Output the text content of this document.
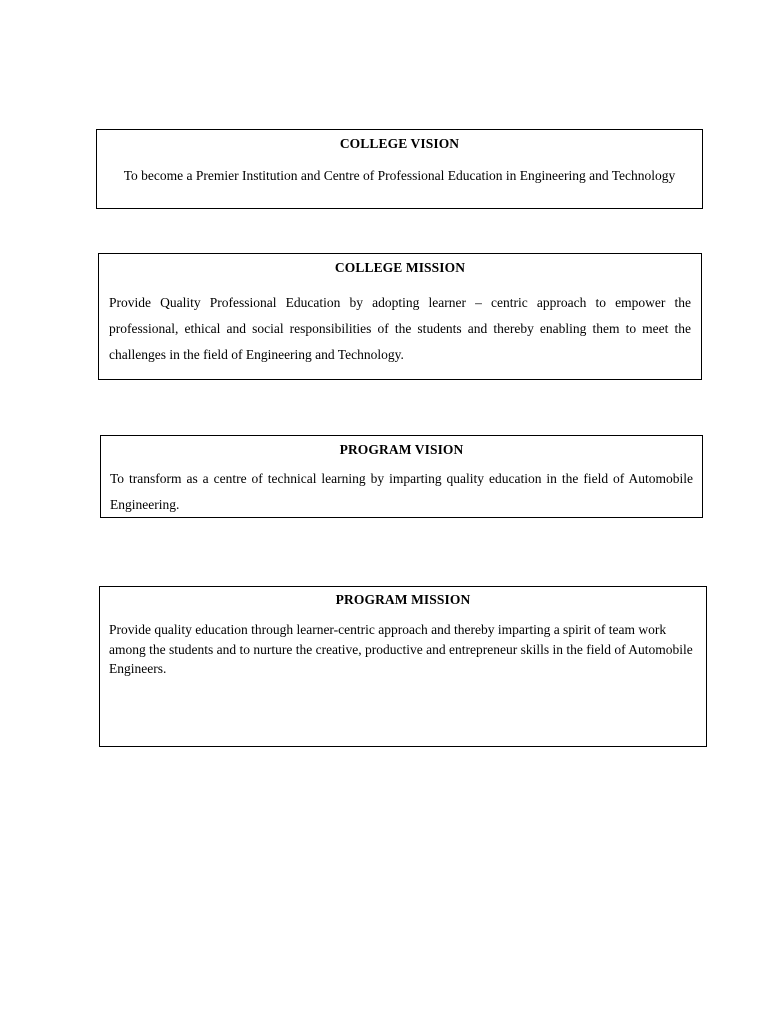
COLLEGE VISION
To become a Premier Institution and Centre of Professional Education in Engineering and Technology
COLLEGE MISSION
Provide Quality Professional Education by adopting learner – centric approach to empower the professional, ethical and social responsibilities of the students and thereby enabling them to meet the challenges in the field of Engineering and Technology.
PROGRAM VISION
To transform as a centre of technical learning by imparting quality education in the field of Automobile Engineering.
PROGRAM MISSION
Provide quality education through learner-centric approach and thereby imparting a spirit of team work among the students and to nurture the creative, productive and entrepreneur skills in the field of Automobile Engineers.
